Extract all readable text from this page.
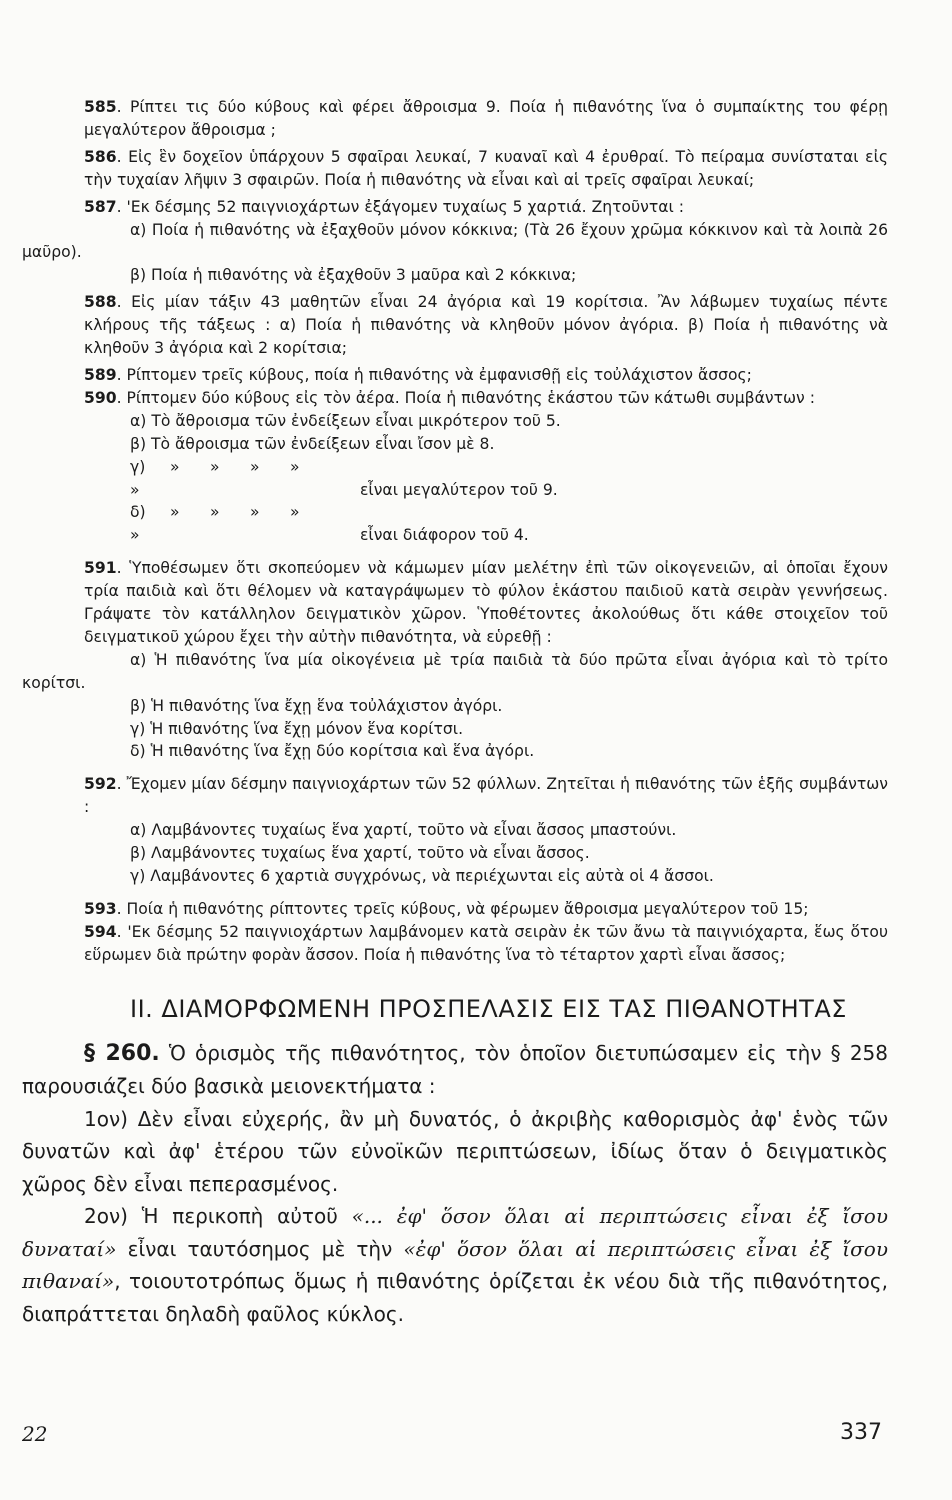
585. Ρίπτει τις δύο κύβους καὶ φέρει ἄθροισμα 9. Ποία ἡ πιθανότης ἵνα ὁ συμπαίκτης του φέρῃ μεγαλύτερον ἄθροισμα ;

586. Εἰς ἓν δοχεῖον ὑπάρχουν 5 σφαῖραι λευκαί, 7 κυαναῖ καὶ 4 ἐρυθραί. Τὸ πείραμα συνίσταται εἰς τὴν τυχαίαν λῆψιν 3 σφαιρῶν. Ποία ἡ πιθανότης νὰ εἶναι καὶ αἱ τρεῖς σφαῖραι λευκαί;

587. 'Εκ δέσμης 52 παιγνιοχάρτων ἐξάγομεν τυχαίως 5 χαρτιά. Ζητοῦνται :

α) Ποία ἡ πιθανότης νὰ ἐξαχθοῦν μόνον κόκκινα; (Τὰ 26 ἔχουν χρῶμα κόκκινον καὶ τὰ λοιπὰ 26 μαῦρο).

β) Ποία ἡ πιθανότης νὰ ἐξαχθοῦν 3 μαῦρα καὶ 2 κόκκινα;

588. Εἰς μίαν τάξιν 43 μαθητῶν εἶναι 24 ἀγόρια καὶ 19 κορίτσια. Ἂν λάβωμεν τυχαίως πέντε κλήρους τῆς τάξεως : α) Ποία ἡ πιθανότης νὰ κληθοῦν μόνον ἀγόρια. β) Ποία ἡ πιθανότης νὰ κληθοῦν 3 ἀγόρια καὶ 2 κορίτσια;

589. Ρίπτομεν τρεῖς κύβους, ποία ἡ πιθανότης νὰ ἐμφανισθῇ εἰς τοὐλάχιστον ἄσσος;

590. Ρίπτομεν δύο κύβους εἰς τὸν ἀέρα. Ποία ἡ πιθανότης ἑκάστου τῶν κάτωθι συμβάντων :

α) Τὸ ἄθροισμα τῶν ἐνδείξεων εἶναι μικρότερον τοῦ 5.

β) Τὸ ἄθροισμα τῶν ἐνδείξεων εἶναι ἴσον μὲ 8.

γ) » » » »»	εἶναι μεγαλύτερον τοῦ 9.

δ) » » » »»	εἶναι διάφορον τοῦ 4.

591. Ὑποθέσωμεν ὅτι σκοπεύομεν νὰ κάμωμεν μίαν μελέτην ἐπὶ τῶν οἰκογενειῶν, αἱ ὁποῖαι ἔχουν τρία παιδιὰ καὶ ὅτι θέλομεν νὰ καταγράψωμεν τὸ φύλον ἑκάστου παιδιοῦ κατὰ σειρὰν γεννήσεως. Γράψατε τὸν κατάλληλον δειγματικὸν χῶρον. Ὑποθέτοντες ἀκολούθως ὅτι κάθε στοιχεῖον τοῦ δειγματικοῦ χώρου ἔχει τὴν αὐτὴν πιθανότητα, νὰ εὑρεθῇ :

α) Ἡ πιθανότης ἵνα μία οἰκογένεια μὲ τρία παιδιὰ τὰ δύο πρῶτα εἶναι ἀγόρια καὶ τὸ τρίτο κορίτσι.

β) Ἡ πιθανότης ἵνα ἔχῃ ἕνα τοὐλάχιστον ἀγόρι.

γ) Ἡ πιθανότης ἵνα ἔχῃ μόνον ἕνα κορίτσι.

δ) Ἡ πιθανότης ἵνα ἔχῃ δύο κορίτσια καὶ ἕνα ἀγόρι.

592. Ἔχομεν μίαν δέσμην παιγνιοχάρτων τῶν 52 φύλλων. Ζητεῖται ἡ πιθανότης τῶν ἑξῆς συμβάντων :

α) Λαμβάνοντες τυχαίως ἕνα χαρτί, τοῦτο νὰ εἶναι ἄσσος μπαστούνι.

β) Λαμβάνοντες τυχαίως ἕνα χαρτί, τοῦτο νὰ εἶναι ἄσσος.

γ) Λαμβάνοντες 6 χαρτιὰ συγχρόνως, νὰ περιέχωνται εἰς αὐτὰ οἱ 4 ἄσσοι.

593. Ποία ἡ πιθανότης ρίπτοντες τρεῖς κύβους, νὰ φέρωμεν ἄθροισμα μεγαλύτερον τοῦ 15;

594. 'Εκ δέσμης 52 παιγνιοχάρτων λαμβάνομεν κατὰ σειρὰν ἐκ τῶν ἄνω τὰ παιγνιόχαρτα, ἕως ὅτου εὕρωμεν διὰ πρώτην φορὰν ἄσσον. Ποία ἡ πιθανότης ἵνα τὸ τέταρτον χαρτὶ εἶναι ἄσσος;

ΙΙ. ΔΙΑΜΟΡΦΩΜΕΝΗ ΠΡΟΣΠΕΛΑΣΙΣ ΕΙΣ ΤΑΣ ΠΙΘΑΝΟΤΗΤΑΣ

§ 260. Ὁ ὁρισμὸς τῆς πιθανότητος, τὸν ὁποῖον διετυπώσαμεν εἰς τὴν § 258 παρουσιάζει δύο βασικὰ μειονεκτήματα :

1ον) Δὲν εἶναι εὐχερής, ἂν μὴ δυνατός, ὁ ἀκριβὴς καθορισμὸς ἀφ' ἑνὸς τῶν δυνατῶν καὶ ἀφ' ἑτέρου τῶν εὐνοϊκῶν περιπτώσεων, ἰδίως ὅταν ὁ δειγματικὸς χῶρος δὲν εἶναι πεπερασμένος.

2ον) Ἡ περικοπὴ αὐτοῦ «... ἐφ' ὅσον ὅλαι αἱ περιπτώσεις εἶναι ἐξ ἴσου δυναταί» εἶναι ταυτόσημος μὲ τὴν «ἐφ' ὅσον ὅλαι αἱ περιπτώσεις εἶναι ἐξ ἴσου πιθαναί», τοιουτοτρόπως ὅμως ἡ πιθανότης ὁρίζεται ἐκ νέου διὰ τῆς πιθανότητος, διαπράττεται δηλαδὴ φαῦλος κύκλος.

22	337
